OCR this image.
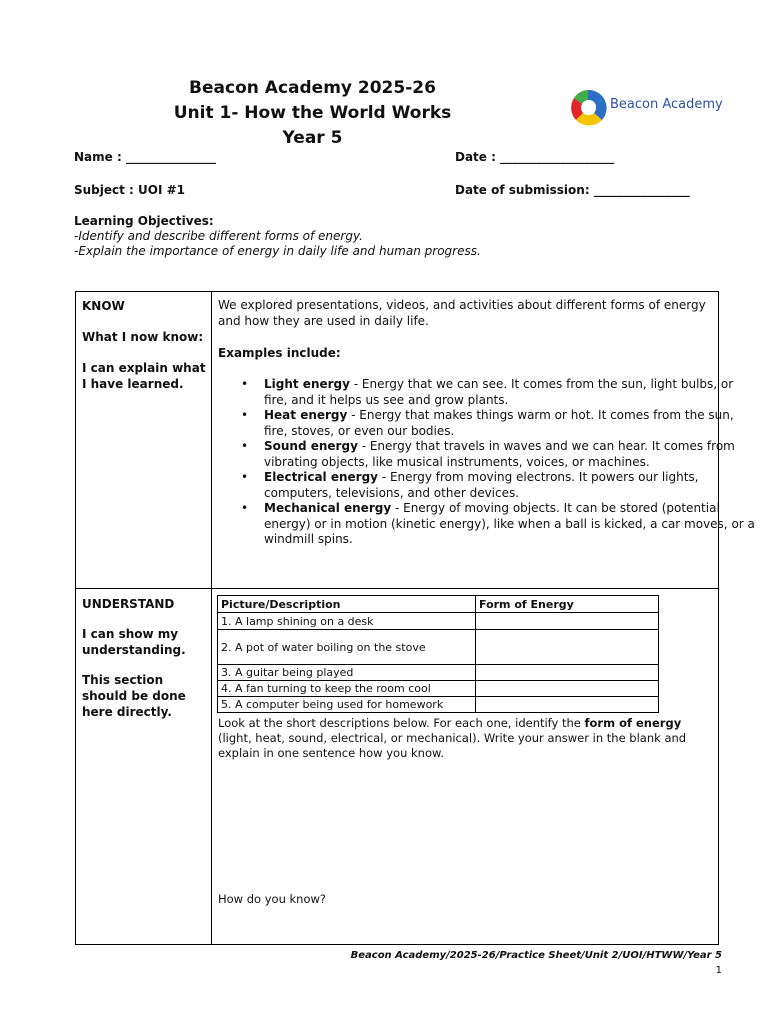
Beacon Academy 2025-26
Unit 1- How the World Works
Year 5
Beacon Academy
Name : _______________	Date : ___________________
Subject : UOI #1	Date of submission: ________________
Learning Objectives:
-Identify and describe different forms of energy.
-Explain the importance of energy in daily life and human progress.
KNOW
What I now know:
I can explain what I have learned.
We explored presentations, videos, and activities about different forms of energy and how they are used in daily life.
Examples include:
• Light energy - Energy that we can see. It comes from the sun, light bulbs, or fire, and it helps us see and grow plants.
• Heat energy - Energy that makes things warm or hot. It comes from the sun, fire, stoves, or even our bodies.
• Sound energy - Energy that travels in waves and we can hear. It comes from vibrating objects, like musical instruments, voices, or machines.
• Electrical energy - Energy from moving electrons. It powers our lights, computers, televisions, and other devices.
• Mechanical energy - Energy of moving objects. It can be stored (potential energy) or in motion (kinetic energy), like when a ball is kicked, a car moves, or a windmill spins.
UNDERSTAND
I can show my understanding.
This section should be done here directly.
Picture/Description	Form of Energy
1. A lamp shining on a desk	
2. A pot of water boiling on the stove	
3. A guitar being played	
4. A fan turning to keep the room cool	
5. A computer being used for homework	
Look at the short descriptions below. For each one, identify the form of energy (light, heat, sound, electrical, or mechanical). Write your answer in the blank and explain in one sentence how you know.
How do you know?
Beacon Academy/2025-26/Practice Sheet/Unit 2/UOI/HTWW/Year 5
1
